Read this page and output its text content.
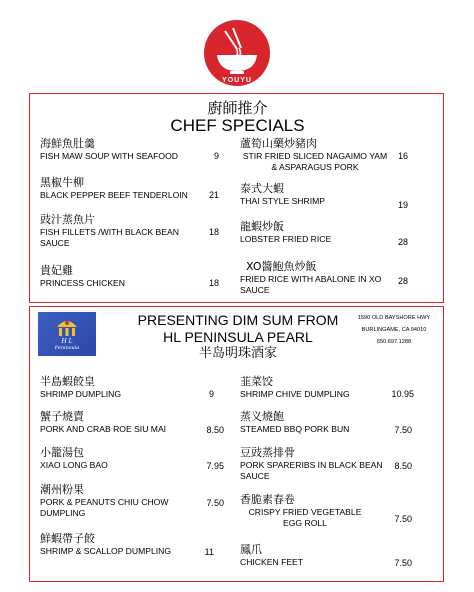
YOUYU
廚師推介
CHEF SPECIALS
海鮮魚肚羹
FISH MAW SOUP WITH SEAFOOD	9
黑椒牛柳
BLACK PEPPER BEEF TENDERLOIN	21
豉汁蒸魚片
FISH FILLETS /WITH BLACK BEAN SAUCE
18
貴妃雞
PRINCESS CHICKEN	18
蘆筍山藥炒豬肉
STIR FRIED SLICED NAGAIMO YAM & ASPARAGUS PORK
16
泰式大蝦
THAI STYLE SHRIMP	19
龍蝦炒飯
LOBSTER FRIED RICE	28
XO醬鮑魚炒飯
FRIED RICE WITH ABALONE IN XO SAUCE
28
H L
Peninsula
PRESENTING DIM SUM FROM
HL PENINSULA PEARL
半岛明珠酒家
1590 OLD BAYSHORE HWY
BURLINGAME, CA 94010
650.697.1288
半島蝦餃皇
SHRIMP DUMPLING	9
蟹子燒賣
PORK AND CRAB ROE SIU MAI	8.50
小籠湯包
XIAO LONG BAO	7.95
潮州粉果
PORK & PEANUTS CHIU CHOW DUMPLING
7.50
鮮蝦帶子餃
SHRIMP & SCALLOP DUMPLING	11
韮菜饺
SHRIMP CHIVE DUMPLING	10.95
蒸义燒飽
STEAMED BBQ PORK BUN	7.50
豆豉蒸排骨
PORK SPARERIBS IN BLACK BEAN SAUCE
8.50
香脆素春卷
CRISPY FRIED VEGETABLE EGG ROLL	7.50
鳳爪
CHICKEN FEET	7.50
